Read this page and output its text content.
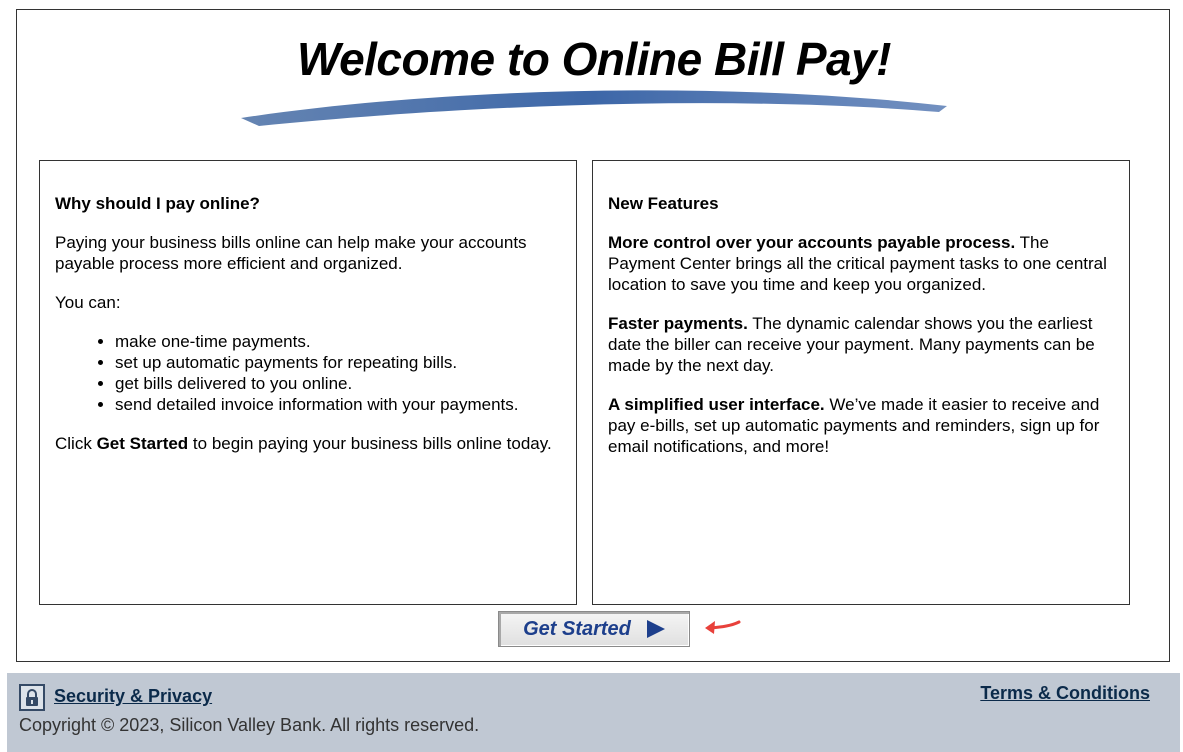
Welcome to Online Bill Pay!
Why should I pay online?

Paying your business bills online can help make your accounts payable process more efficient and organized.

You can:

• make one-time payments.
• set up automatic payments for repeating bills.
• get bills delivered to you online.
• send detailed invoice information with your payments.

Click Get Started to begin paying your business bills online today.

New Features

More control over your accounts payable process. The Payment Center brings all the critical payment tasks to one central location to save you time and keep you organized.

Faster payments. The dynamic calendar shows you the earliest date the biller can receive your payment. Many payments can be made by the next day.

A simplified user interface. We’ve made it easier to receive and pay e-bills, set up automatic payments and reminders, sign up for email notifications, and more!

Get Started
Security & Privacy	Terms & Conditions
Copyright © 2023, Silicon Valley Bank. All rights reserved.
